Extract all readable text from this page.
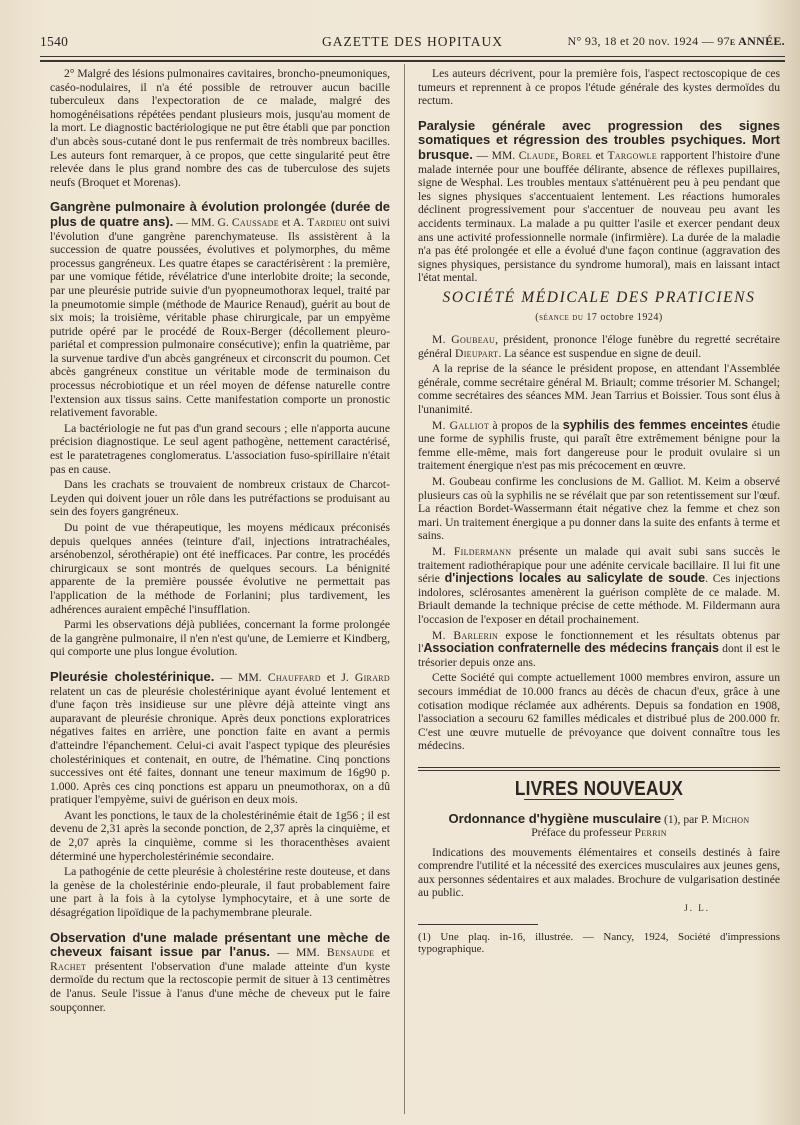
1540	GAZETTE DES HOPITAUX	N° 93, 18 et 20 nov. 1924 — 97e ANNÉE.

2° Malgré des lésions pulmonaires cavitaires, broncho-pneumoniques, caséo-nodulaires, il n'a été possible de retrouver aucun bacille tuberculeux dans l'expectoration de ce malade, malgré des homogénéisations répétées pendant plusieurs mois, jusqu'au moment de la mort. Le diagnostic bactériologique ne put être établi que par ponction d'un abcès sous-cutané dont le pus renfermait de très nombreux bacilles. Les auteurs font remarquer, à ce propos, que cette singularité peut être relevée dans le plus grand nombre des cas de tuberculose des sujets neufs (Broquet et Morenas).

Gangrène pulmonaire à évolution prolongée (durée de plus de quatre ans). — MM. G. Caussade et A. Tardieu ont suivi l'évolution d'une gangrène parenchymateuse. Ils assistèrent à la succession de quatre poussées, évolutives et polymorphes, du même processus gangréneux. Les quatre étapes se caractérisèrent : la première, par une vomique fétide, révélatrice d'une interlobite droite; la seconde, par une pleurésie putride suivie d'un pyopneumothorax lequel, traité par la pneumotomie simple (méthode de Maurice Renaud), guérit au bout de six mois; la troisième, véritable phase chirurgicale, par un empyème putride opéré par le procédé de Roux-Berger (décollement pleuro-pariétal et compression pulmonaire consécutive); enfin la quatrième, par la survenue tardive d'un abcès gangréneux et circonscrit du poumon. Cet abcès gangréneux constitue un véritable mode de terminaison du processus nécrobiotique et un réel moyen de défense naturelle contre l'extension aux tissus sains. Cette manifestation comporte un pronostic relativement favorable.

La bactériologie ne fut pas d'un grand secours ; elle n'apporta aucune précision diagnostique. Le seul agent pathogène, nettement caractérisé, est le paratetragenes conglomeratus. L'association fuso-spirillaire n'était pas en cause.

Dans les crachats se trouvaient de nombreux cristaux de Charcot-Leyden qui doivent jouer un rôle dans les putréfactions se produisant au sein des foyers gangréneux.

Du point de vue thérapeutique, les moyens médicaux préconisés depuis quelques années (teinture d'ail, injections intratrachéales, arsénobenzol, sérothérapie) ont été inefficaces. Par contre, les procédés chirurgicaux se sont montrés de quelques secours. La bénignité apparente de la première poussée évolutive ne permettait pas l'application de la méthode de Forlanini; plus tardivement, les adhérences auraient empêché l'insufflation.

Parmi les observations déjà publiées, concernant la forme prolongée de la gangrène pulmonaire, il n'en n'est qu'une, de Lemierre et Kindberg, qui comporte une plus longue évolution.

Pleurésie cholestérinique. — MM. Chauffard et J. Girard relatent un cas de pleurésie cholestérinique ayant évolué lentement et d'une façon très insidieuse sur une plèvre déjà atteinte vingt ans auparavant de pleurésie chronique. Après deux ponctions exploratrices négatives faites en arrière, une ponction faite en avant a permis d'atteindre l'épanchement. Celui-ci avait l'aspect typique des pleurésies cholestériniques et contenait, en outre, de l'hématine. Cinq ponctions successives ont été faites, donnant une teneur maximum de 16g90 p. 1.000. Après ces cinq ponctions est apparu un pneumothorax, on a dû pratiquer l'empyème, suivi de guérison en deux mois.

Avant les ponctions, le taux de la cholestérinémie était de 1g56 ; il est devenu de 2,31 après la seconde ponction, de 2,37 après la cinquième, et de 2,07 après la cinquième, comme si les thoracenthèses avaient déterminé une hypercholestérinémie secondaire.

La pathogénie de cette pleurésie à cholestérine reste douteuse, et dans la genèse de la cholestérinie endo-pleurale, il faut probablement faire une part à la fois à la cytolyse lymphocytaire, et à une sorte de désagrégation lipoïdique de la pachymembrane pleurale.

Observation d'une malade présentant une mèche de cheveux faisant issue par l'anus. — MM. Bensaude et Rachet présentent l'observation d'une malade atteinte d'un kyste dermoïde du rectum que la rectoscopie permit de situer à 13 centimètres de l'anus. Seule l'issue à l'anus d'une mèche de cheveux put le faire soupçonner.

Les auteurs décrivent, pour la première fois, l'aspect rectoscopique de ces tumeurs et reprennent à ce propos l'étude générale des kystes dermoïdes du rectum.

Paralysie générale avec progression des signes somatiques et régression des troubles psychiques. Mort brusque. — MM. Claude, Borel et Targowle rapportent l'histoire d'une malade internée pour une bouffée délirante, absence de réflexes pupillaires, signe de Wesphal. Les troubles mentaux s'atténuèrent peu à peu pendant que les signes physiques s'accentuaient lentement. Les réactions humorales déclinent progressivement pour s'accentuer de nouveau peu avant les accidents terminaux. La malade a pu quitter l'asile et exercer pendant deux ans une activité professionnelle normale (infirmière). La durée de la maladie n'a pas été prolongée et elle a évolué d'une façon continue (aggravation des signes physiques, persistance du syndrome humoral), mais en laissant intact l'état mental.

SOCIÉTÉ MÉDICALE DES PRATICIENS
(séance du 17 octobre 1924)

M. Goubeau, président, prononce l'éloge funèbre du regretté secrétaire général Dieupart. La séance est suspendue en signe de deuil.

A la reprise de la séance le président propose, en attendant l'Assemblée générale, comme secrétaire général M. Briault; comme trésorier M. Schangel; comme secrétaires des séances MM. Jean Tarrius et Boissier. Tous sont élus à l'unanimité.

M. Galliot à propos de la syphilis des femmes enceintes étudie une forme de syphilis fruste, qui paraît être extrêmement bénigne pour la femme elle-même, mais fort dangereuse pour le produit ovulaire si un traitement énergique n'est pas mis précocement en œuvre.

M. Goubeau confirme les conclusions de M. Galliot. M. Keim a observé plusieurs cas où la syphilis ne se révélait que par son retentissement sur l'œuf. La réaction Bordet-Wassermann était négative chez la femme et chez son mari. Un traitement énergique a pu donner dans la suite des enfants à terme et sains.

M. Fildermann présente un malade qui avait subi sans succès le traitement radiothérapique pour une adénite cervicale bacillaire. Il lui fit une série d'injections locales au salicylate de soude. Ces injections indolores, sclérosantes amenèrent la guérison complète de ce malade. M. Briault demande la technique précise de cette méthode. M. Fildermann aura l'occasion de l'exposer en détail prochainement.

M. Barlerin expose le fonctionnement et les résultats obtenus par l'Association confraternelle des médecins français dont il est le trésorier depuis onze ans.

Cette Société qui compte actuellement 1000 membres environ, assure un secours immédiat de 10.000 francs au décès de chacun d'eux, grâce à une cotisation modique réclamée aux adhérents. Depuis sa fondation en 1908, l'association a secouru 62 familles médicales et distribué plus de 200.000 fr. C'est une œuvre mutuelle de prévoyance que doivent connaître tous les médecins.

LIVRES NOUVEAUX
Ordonnance d'hygiène musculaire (1), par P. Michon
Préface du professeur Perrin

Indications des mouvements élémentaires et conseils destinés à faire comprendre l'utilité et la nécessité des exercices musculaires aux jeunes gens, aux personnes sédentaires et aux malades. Brochure de vulgarisation destinée au public.

J. L.
(1) Une plaq. in-16, illustrée. — Nancy, 1924, Société d'impressions typographique.
